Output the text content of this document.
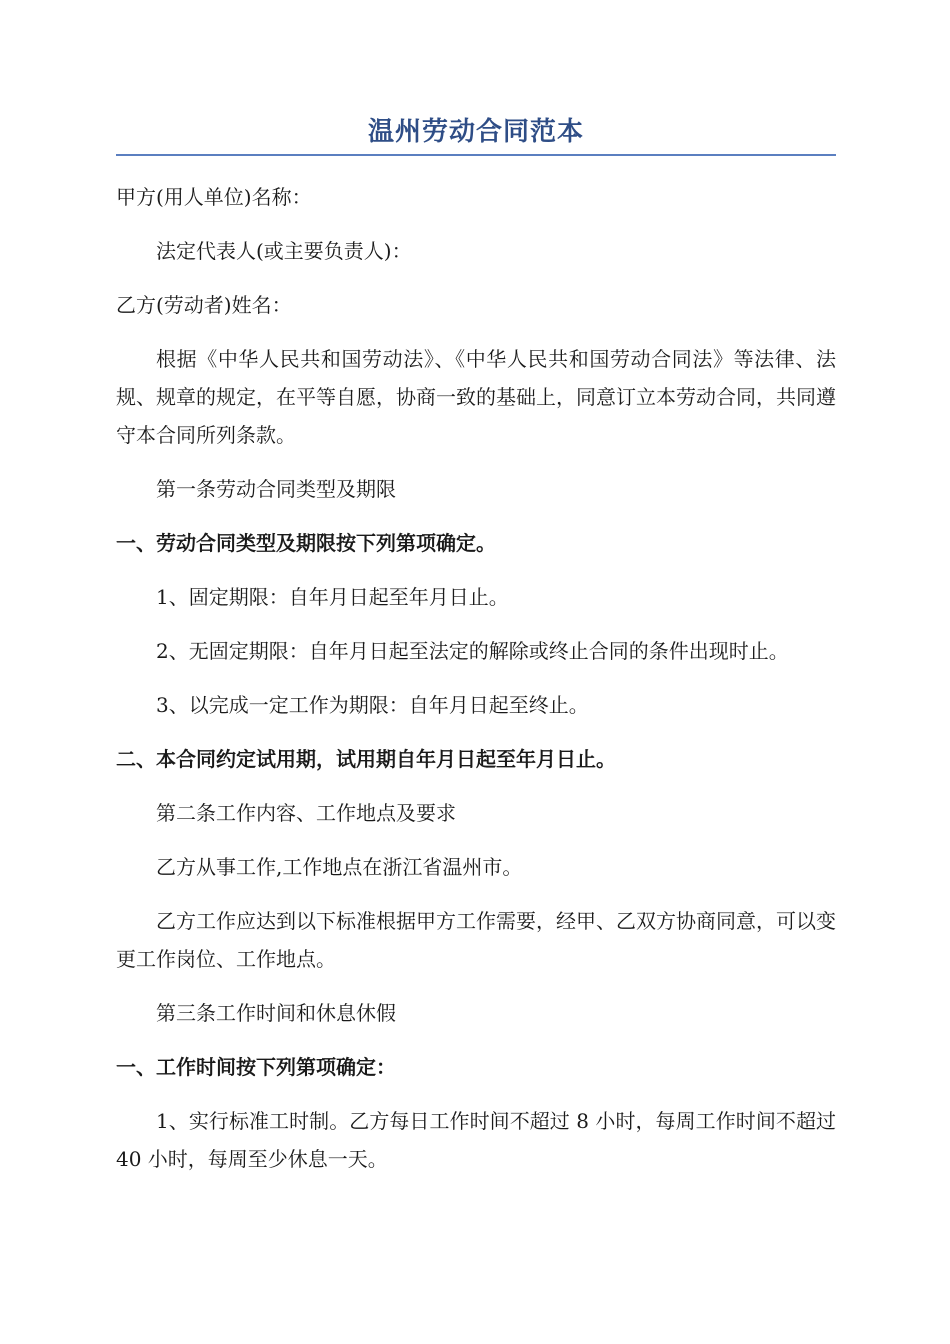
温州劳动合同范本

甲方(用人单位)名称：

法定代表人(或主要负责人)：

乙方(劳动者)姓名：

根据《中华人民共和国劳动法》、《中华人民共和国劳动合同法》等法律、法规、规章的规定，在平等自愿，协商一致的基础上，同意订立本劳动合同，共同遵守本合同所列条款。

第一条劳动合同类型及期限

一、劳动合同类型及期限按下列第项确定。

1、固定期限：自年月日起至年月日止。

2、无固定期限：自年月日起至法定的解除或终止合同的条件出现时止。

3、以完成一定工作为期限：自年月日起至终止。

二、本合同约定试用期，试用期自年月日起至年月日止。

第二条工作内容、工作地点及要求

乙方从事工作,工作地点在浙江省温州市。

乙方工作应达到以下标准根据甲方工作需要，经甲、乙双方协商同意，可以变更工作岗位、工作地点。

第三条工作时间和休息休假

一、工作时间按下列第项确定：

1、实行标准工时制。乙方每日工作时间不超过 8 小时，每周工作时间不超过 40 小时，每周至少休息一天。
